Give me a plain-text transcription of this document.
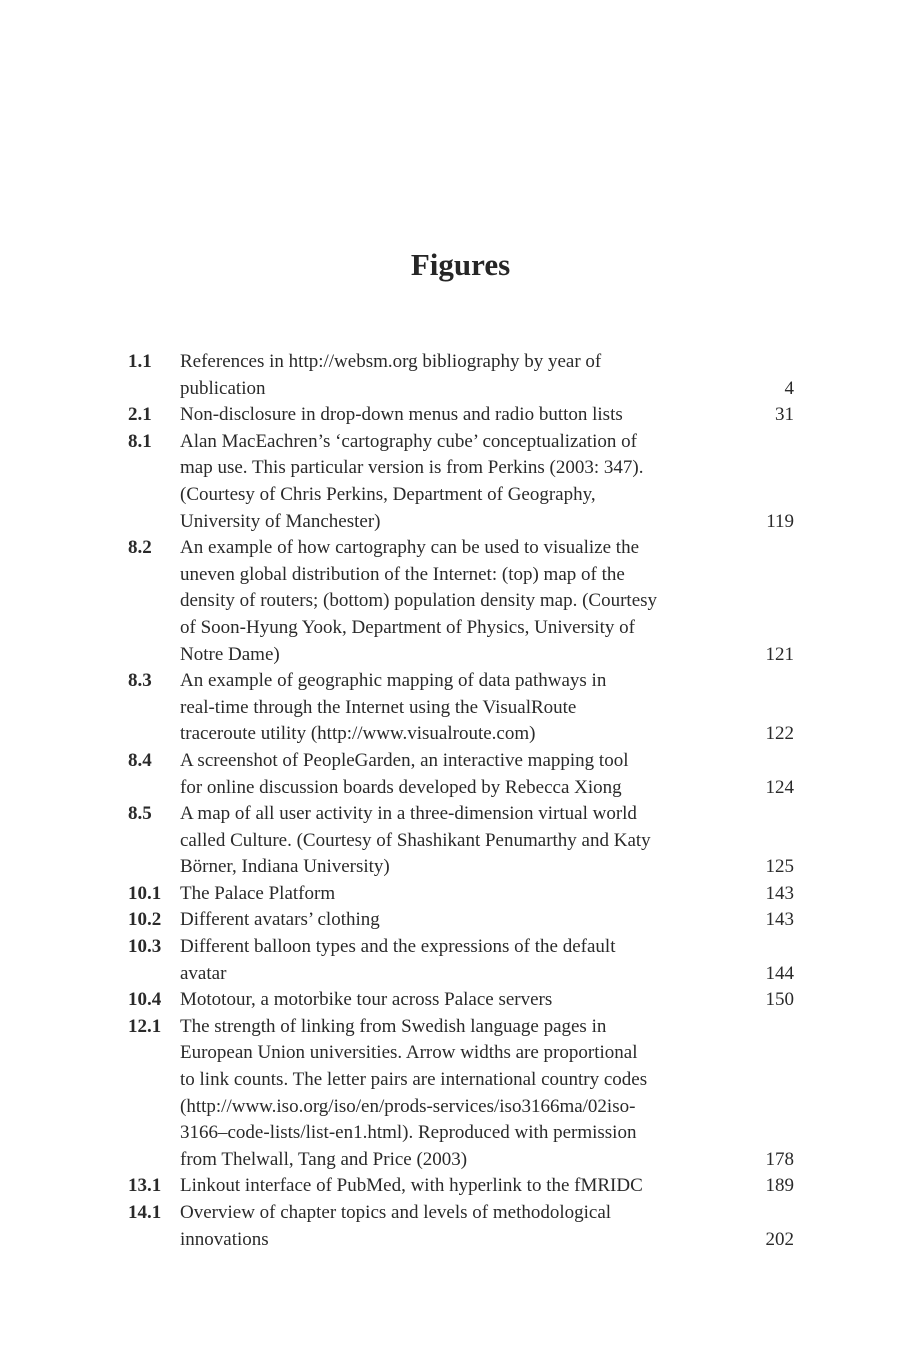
Figures
1.1	References in http://websm.org bibliography by year of
publication	4
2.1	Non-disclosure in drop-down menus and radio button lists	31
8.1	Alan MacEachren’s ‘cartography cube’ conceptualization of
map use. This particular version is from Perkins (2003: 347).
(Courtesy of Chris Perkins, Department of Geography,
University of Manchester)	119
8.2	An example of how cartography can be used to visualize the
uneven global distribution of the Internet: (top) map of the
density of routers; (bottom) population density map. (Courtesy
of Soon-Hyung Yook, Department of Physics, University of
Notre Dame)	121
8.3	An example of geographic mapping of data pathways in
real-time through the Internet using the VisualRoute
traceroute utility (http://www.visualroute.com)	122
8.4	A screenshot of PeopleGarden, an interactive mapping tool
for online discussion boards developed by Rebecca Xiong	124
8.5	A map of all user activity in a three-dimension virtual world
called Culture. (Courtesy of Shashikant Penumarthy and Katy
Börner, Indiana University)	125
10.1 The Palace Platform	143
10.2 Different avatars’ clothing	143
10.3 Different balloon types and the expressions of the default
avatar	144
10.4 Mototour, a motorbike tour across Palace servers	150
12.1 The strength of linking from Swedish language pages in
European Union universities. Arrow widths are proportional
to link counts. The letter pairs are international country codes
(http://www.iso.org/iso/en/prods-services/iso3166ma/02iso-
3166–code-lists/list-en1.html). Reproduced with permission
from Thelwall, Tang and Price (2003)	178
13.1 Linkout interface of PubMed, with hyperlink to the fMRIDC	189
14.1 Overview of chapter topics and levels of methodological
innovations	202
